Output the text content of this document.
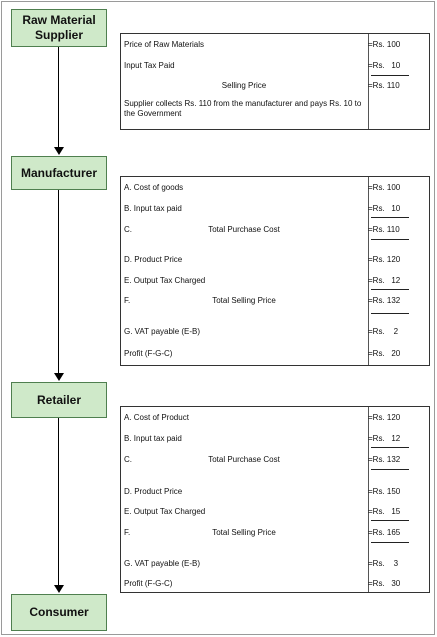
Raw Material Supplier
Manufacturer
Retailer
Consumer
Price of Raw Materials	=Rs. 100
Input Tax Paid	=Rs.   10
Selling Price	=Rs. 110
Supplier collects Rs. 110 from the manufacturer and pays Rs. 10 to the Government
A. Cost of goods	=Rs. 100
B. Input tax paid	=Rs.   10
C.	Total Purchase Cost	=Rs. 110
D. Product Price	=Rs. 120
E. Output Tax Charged	=Rs.   12
F.	Total Selling Price	=Rs. 132
G. VAT payable (E-B)	=Rs.    2
Profit (F-G-C)	=Rs.   20
A. Cost of Product	=Rs. 120
B. Input tax paid	=Rs.   12
C.	Total Purchase Cost	=Rs. 132
D. Product Price	=Rs. 150
E. Output Tax Charged	=Rs.   15
F.	Total Selling Price	=Rs. 165
G. VAT payable (E-B)	=Rs.    3
Profit (F-G-C)	=Rs.   30
